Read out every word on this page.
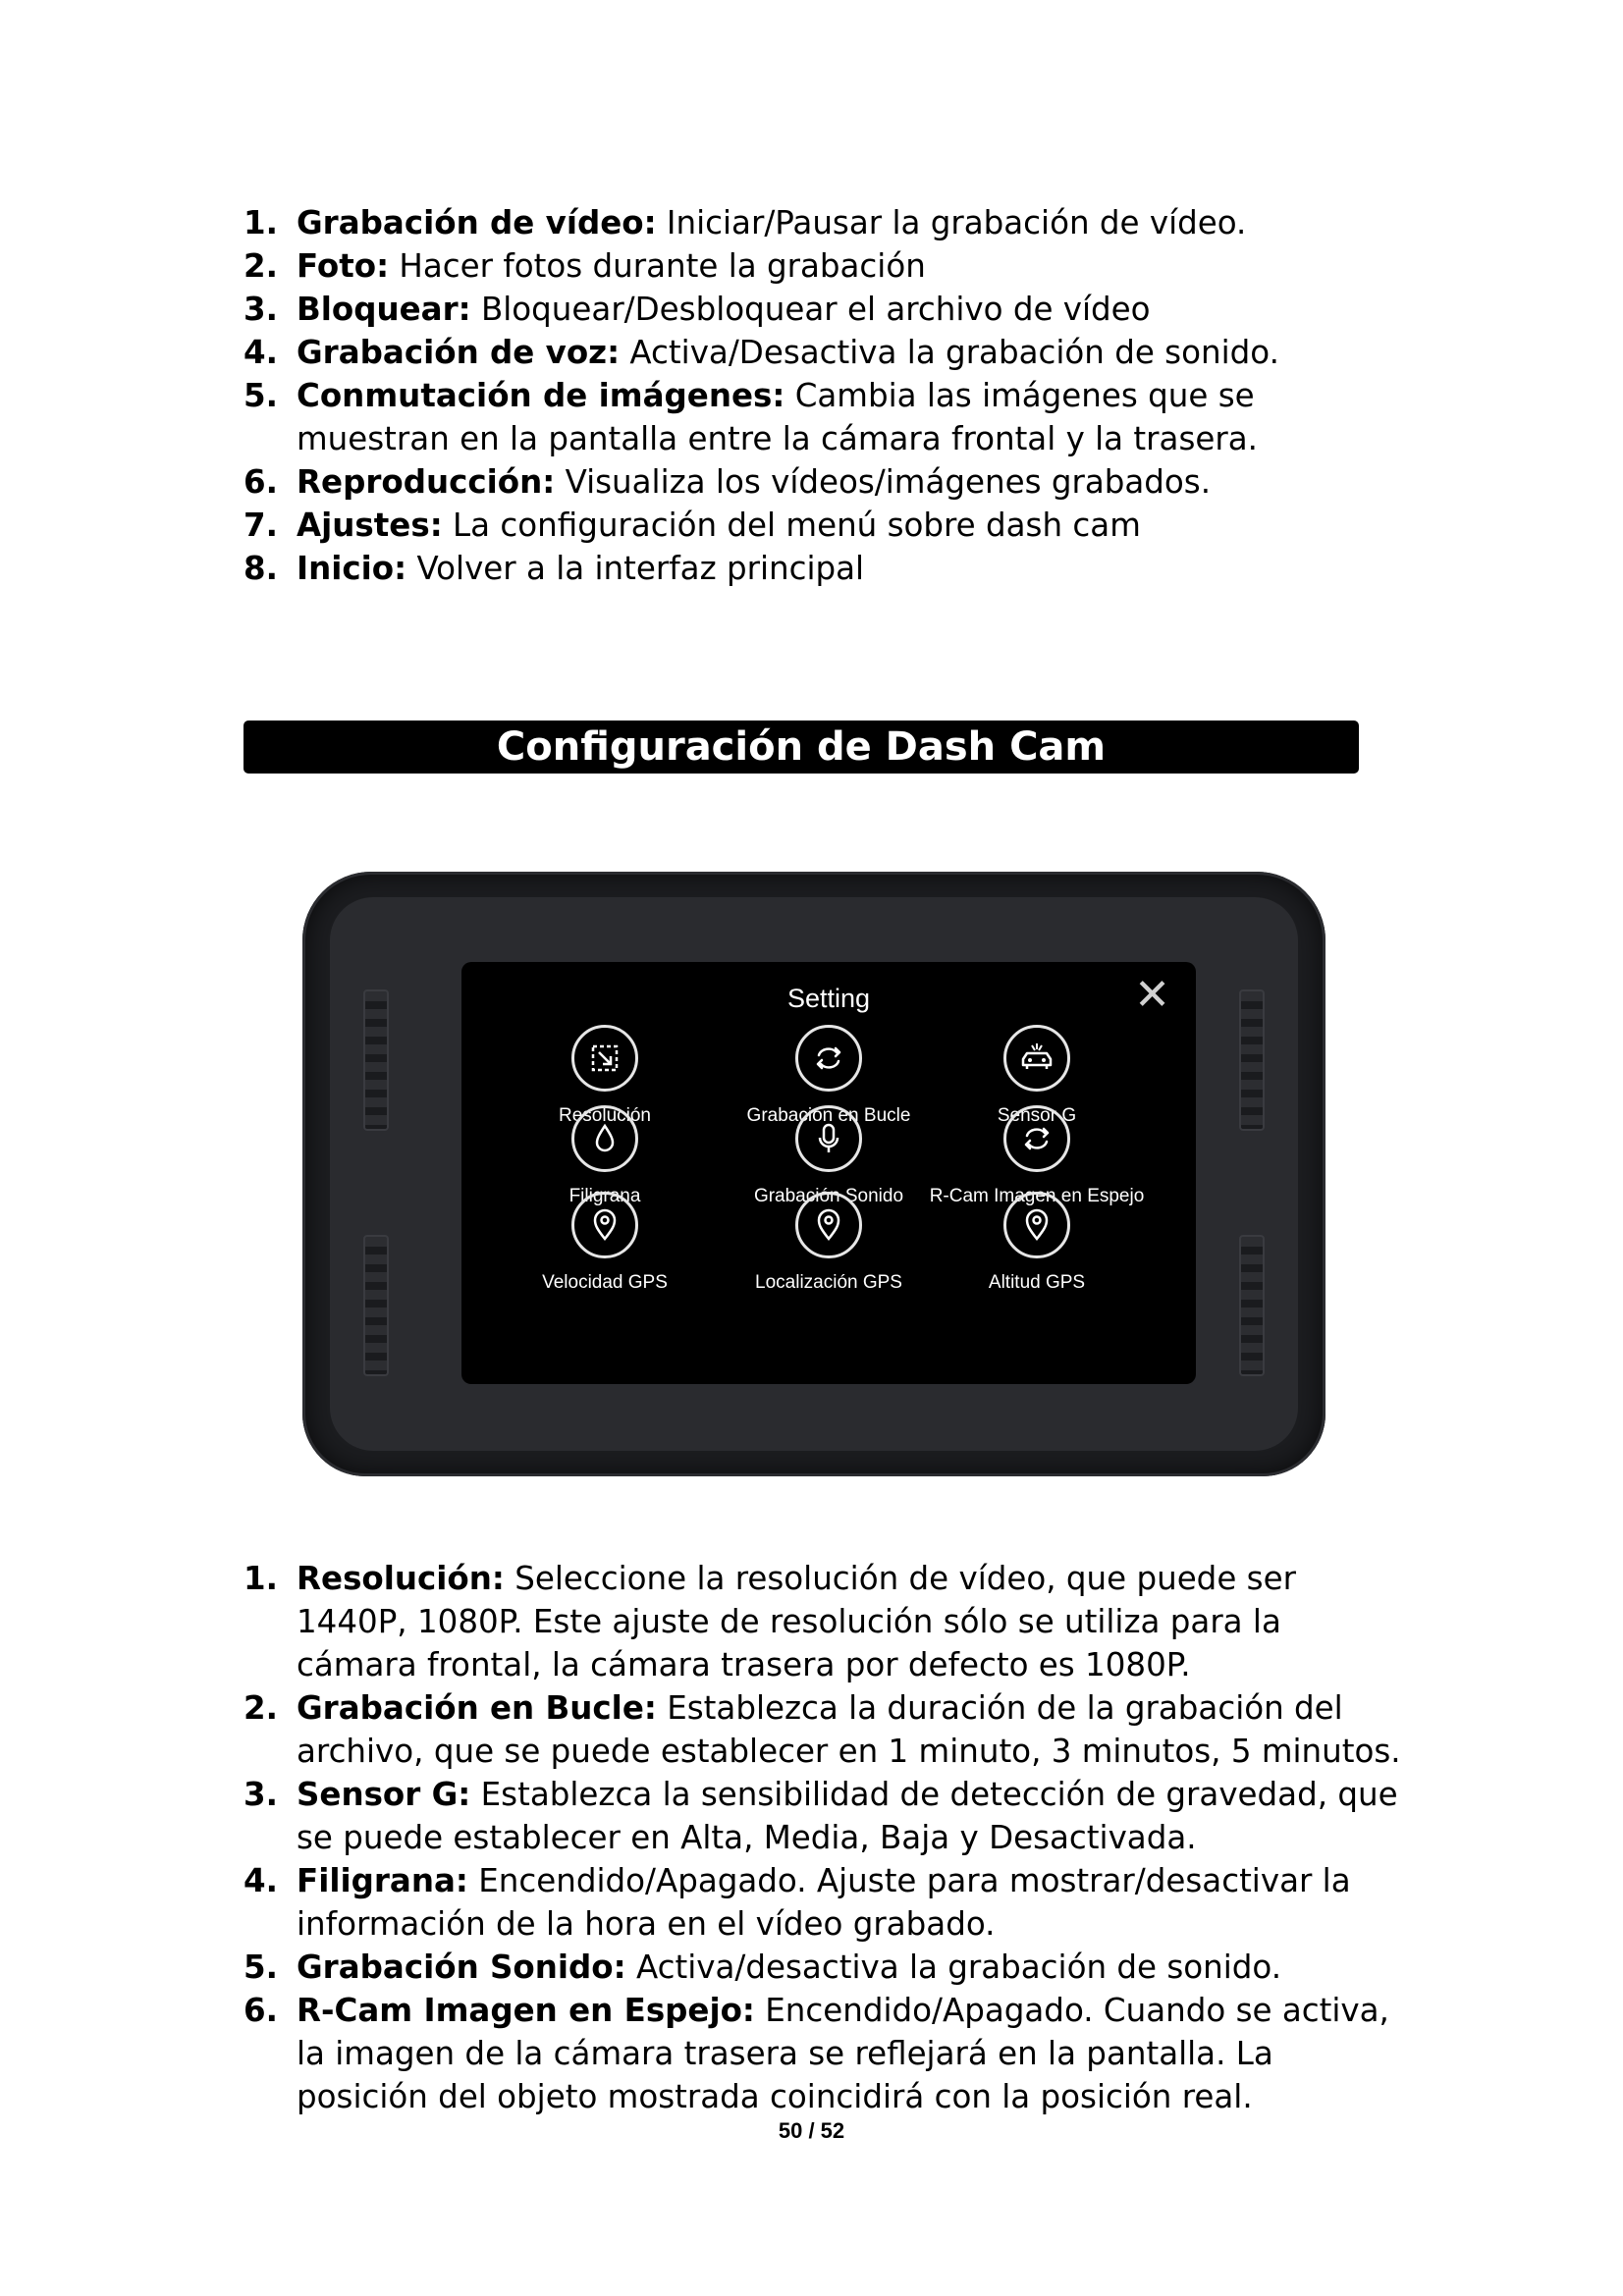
1. Grabación de vídeo: Iniciar/Pausar la grabación de vídeo.
2. Foto: Hacer fotos durante la grabación
3. Bloquear: Bloquear/Desbloquear el archivo de vídeo
4. Grabación de voz: Activa/Desactiva la grabación de sonido.
5. Conmutación de imágenes: Cambia las imágenes que se muestran en la pantalla entre la cámara frontal y la trasera.
6. Reproducción: Visualiza los vídeos/imágenes grabados.
7. Ajustes: La configuración del menú sobre dash cam
8. Inicio: Volver a la interfaz principal
Configuración de Dash Cam
Setting	✕
Resolución	Grabación en Bucle	Sensor G
Filigrana	Grabación Sonido	R-Cam Imagen en Espejo
Velocidad GPS	Localización GPS	Altitud GPS
1. Resolución: Seleccione la resolución de vídeo, que puede ser 1440P, 1080P. Este ajuste de resolución sólo se utiliza para la cámara frontal, la cámara trasera por defecto es 1080P.
2. Grabación en Bucle: Establezca la duración de la grabación del archivo, que se puede establecer en 1 minuto, 3 minutos, 5 minutos.
3. Sensor G: Establezca la sensibilidad de detección de gravedad, que se puede establecer en Alta, Media, Baja y Desactivada.
4. Filigrana: Encendido/Apagado. Ajuste para mostrar/desactivar la información de la hora en el vídeo grabado.
5. Grabación Sonido: Activa/desactiva la grabación de sonido.
6. R-Cam Imagen en Espejo: Encendido/Apagado. Cuando se activa, la imagen de la cámara trasera se reflejará en la pantalla. La posición del objeto mostrada coincidirá con la posición real.
50 / 52
